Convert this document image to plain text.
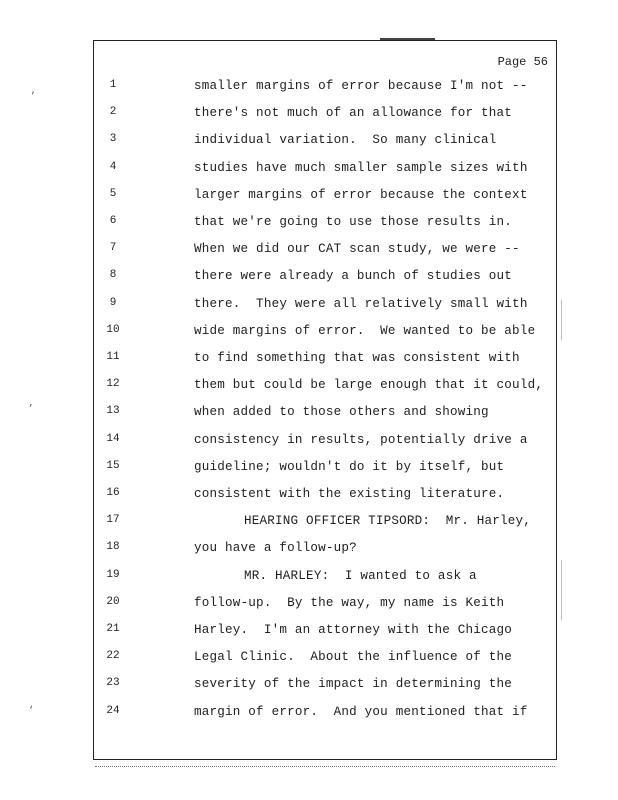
Page 56
1	smaller margins of error because I'm not --
2	there's not much of an allowance for that
3	individual variation.  So many clinical
4	studies have much smaller sample sizes with
5	larger margins of error because the context
6	that we're going to use those results in.
7	When we did our CAT scan study, we were --
8	there were already a bunch of studies out
9	there.  They were all relatively small with
10	wide margins of error.  We wanted to be able
11	to find something that was consistent with
12	them but could be large enough that it could,
13	when added to those others and showing
14	consistency in results, potentially drive a
15	guideline; wouldn't do it by itself, but
16	consistent with the existing literature.
17	HEARING OFFICER TIPSORD:  Mr. Harley,
18	you have a follow-up?
19	MR. HARLEY:  I wanted to ask a
20	follow-up.  By the way, my name is Keith
21	Harley.  I'm an attorney with the Chicago
22	Legal Clinic.  About the influence of the
23	severity of the impact in determining the
24	margin of error.  And you mentioned that if
’
‚
‘
